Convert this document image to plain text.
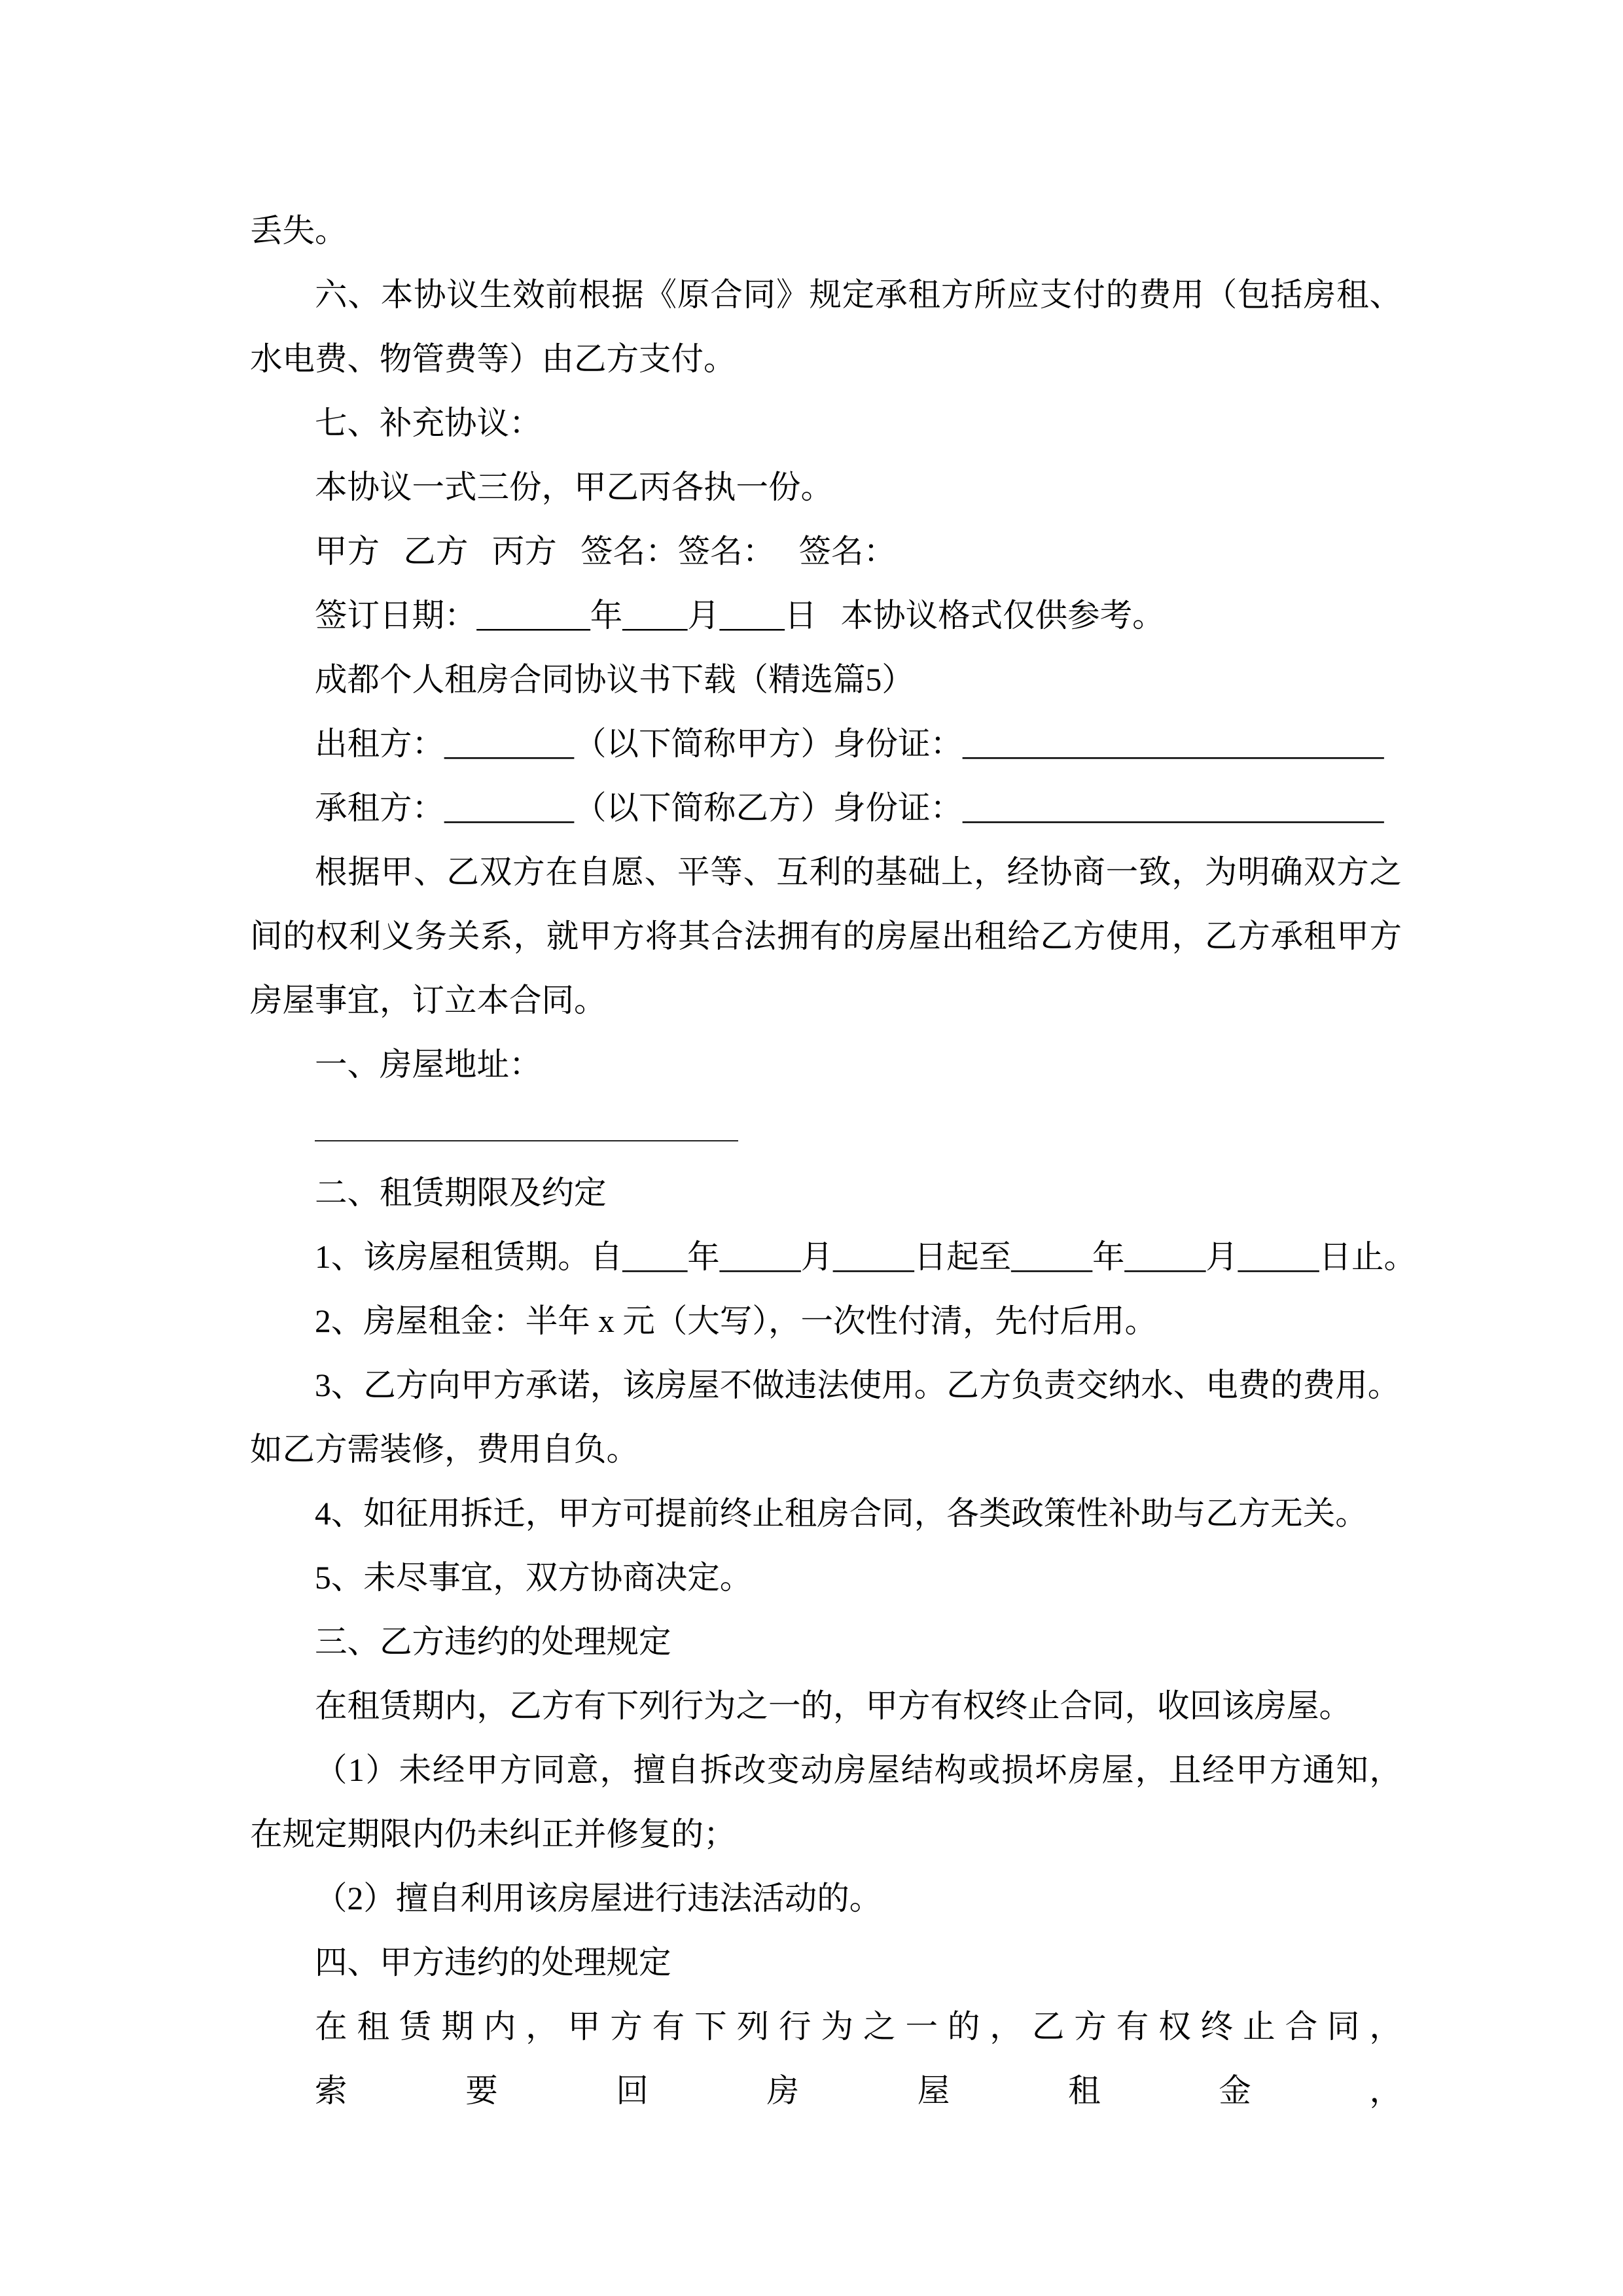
丢失。
六、本协议生效前根据《原合同》规定承租方所应支付的费用（包括房租、
水电费、物管费等）由乙方支付。
七、补充协议：
本协议一式三份，甲乙丙各执一份。
甲方 乙方 丙方 签名：签名： 签名：
签订日期：_______年____月____日 本协议格式仅供参考。
成都个人租房合同协议书下载（精选篇5）
出租方：________（以下简称甲方）身份证：__________________________
承租方：________（以下简称乙方）身份证：__________________________
根据甲、乙双方在自愿、平等、互利的基础上，经协商一致，为明确双方之
间的权利义务关系，就甲方将其合法拥有的房屋出租给乙方使用，乙方承租甲方
房屋事宜，订立本合同。
一、房屋地址：

二、租赁期限及约定
1、该房屋租赁期。自____年_____月_____日起至_____年_____月_____日止。
2、房屋租金：半年 x 元（大写），一次性付清，先付后用。
3、乙方向甲方承诺，该房屋不做违法使用。乙方负责交纳水、电费的费用。
如乙方需装修，费用自负。
4、如征用拆迁，甲方可提前终止租房合同，各类政策性补助与乙方无关。
5、未尽事宜，双方协商决定。
三、乙方违约的处理规定
在租赁期内，乙方有下列行为之一的，甲方有权终止合同，收回该房屋。
（1）未经甲方同意，擅自拆改变动房屋结构或损坏房屋，且经甲方通知，
在规定期限内仍未纠正并修复的；
（2）擅自利用该房屋进行违法活动的。
四、甲方违约的处理规定
在租赁期内，甲方有下列行为之一的，乙方有权终止合同，索要回房屋租金，
